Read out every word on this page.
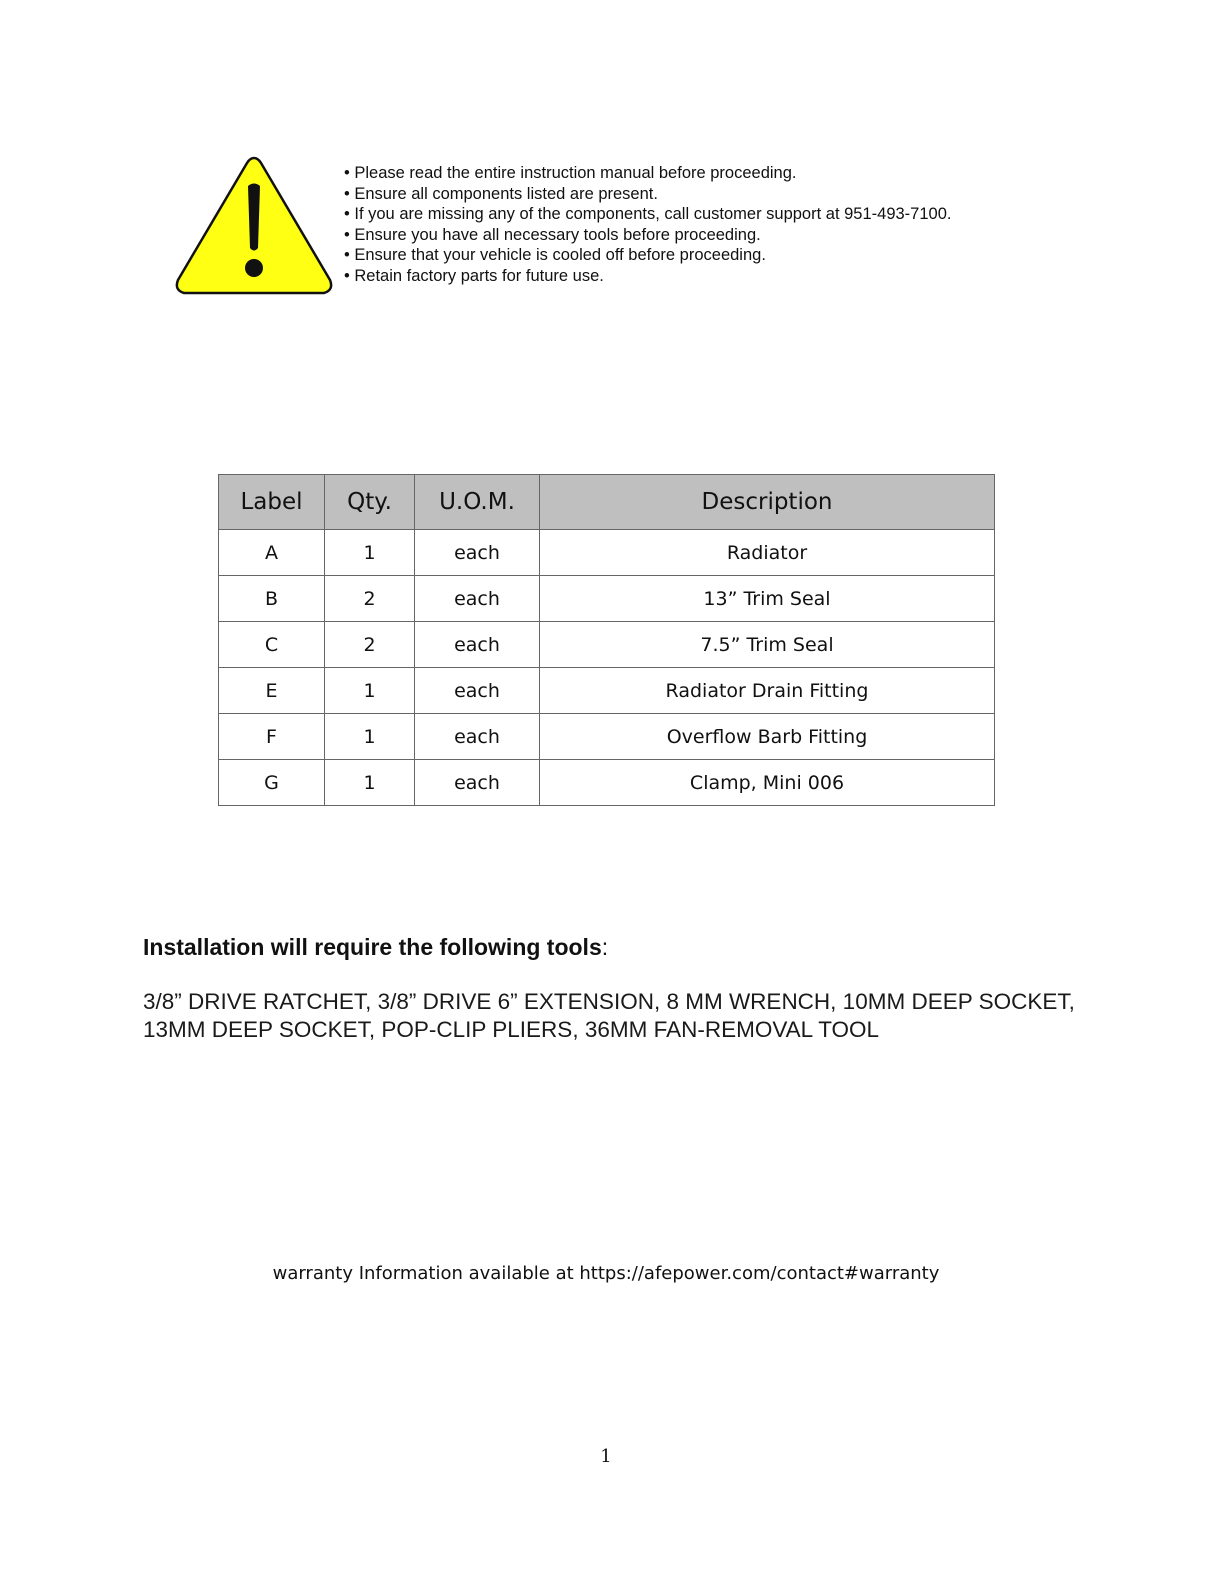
• Please read the entire instruction manual before proceeding.
• Ensure all components listed are present.
• If you are missing any of the components, call customer support at 951-493-7100.
• Ensure you have all necessary tools before proceeding.
• Ensure that your vehicle is cooled off before proceeding.
• Retain factory parts for future use.
Label	Qty.	U.O.M.	Description
A	1	each	Radiator
B	2	each	13” Trim Seal
C	2	each	7.5” Trim Seal
E	1	each	Radiator Drain Fitting
F	1	each	Overflow Barb Fitting
G	1	each	Clamp, Mini 006
Installation will require the following tools:

3/8” DRIVE RATCHET, 3/8” DRIVE 6” EXTENSION, 8 MM WRENCH, 10MM DEEP SOCKET, 13MM DEEP SOCKET, POP-CLIP PLIERS, 36MM FAN-REMOVAL TOOL

warranty Information available at https://afepower.com/contact#warranty
1
